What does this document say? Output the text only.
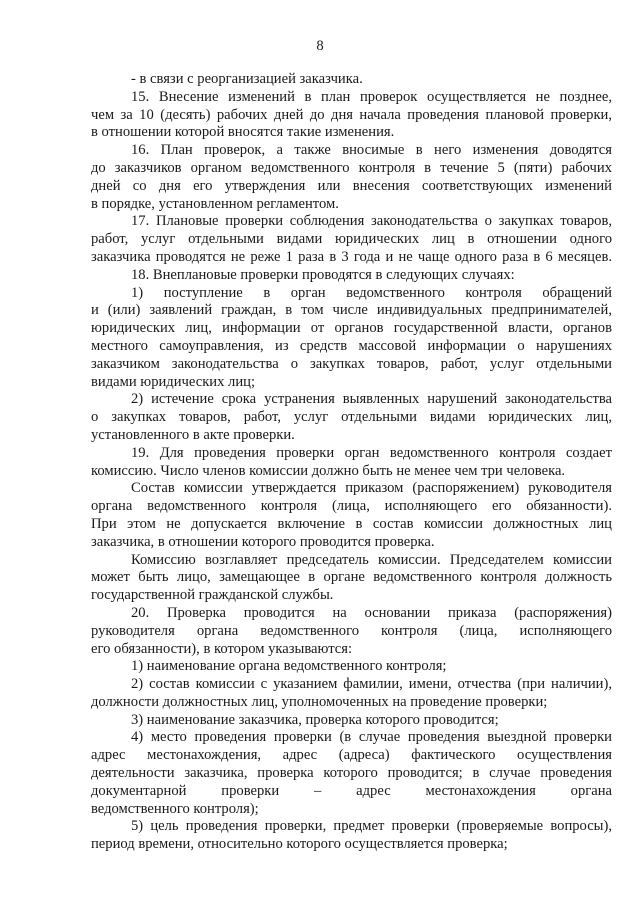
8
- в связи с реорганизацией заказчика.
15. Внесение изменений в план проверок осуществляется не позднее,
чем за 10 (десять) рабочих дней до дня начала проведения плановой проверки,
в отношении которой вносятся такие изменения.
16. План проверок, а также вносимые в него изменения доводятся
до заказчиков органом ведомственного контроля в течение 5 (пяти) рабочих
дней со дня его утверждения или внесения соответствующих изменений
в порядке, установленном регламентом.
17. Плановые проверки соблюдения законодательства о закупках товаров,
работ, услуг отдельными видами юридических лиц в отношении одного
заказчика проводятся не реже 1 раза в 3 года и не чаще одного раза в 6 месяцев.
18. Внеплановые проверки проводятся в следующих случаях:
1) поступление в орган ведомственного контроля обращений
и (или) заявлений граждан, в том числе индивидуальных предпринимателей,
юридических лиц, информации от органов государственной власти, органов
местного самоуправления, из средств массовой информации о нарушениях
заказчиком законодательства о закупках товаров, работ, услуг отдельными
видами юридических лиц;
2) истечение срока устранения выявленных нарушений законодательства
о закупках товаров, работ, услуг отдельными видами юридических лиц,
установленного в акте проверки.
19. Для проведения проверки орган ведомственного контроля создает
комиссию. Число членов комиссии должно быть не менее чем три человека.
Состав комиссии утверждается приказом (распоряжением) руководителя
органа ведомственного контроля (лица, исполняющего его обязанности).
При этом не допускается включение в состав комиссии должностных лиц
заказчика, в отношении которого проводится проверка.
Комиссию возглавляет председатель комиссии. Председателем комиссии
может быть лицо, замещающее в органе ведомственного контроля должность
государственной гражданской службы.
20. Проверка проводится на основании приказа (распоряжения)
руководителя органа ведомственного контроля (лица, исполняющего
его обязанности), в котором указываются:
1) наименование органа ведомственного контроля;
2) состав комиссии с указанием фамилии, имени, отчества (при наличии),
должности должностных лиц, уполномоченных на проведение проверки;
3) наименование заказчика, проверка которого проводится;
4) место проведения проверки (в случае проведения выездной проверки
адрес местонахождения, адрес (адреса) фактического осуществления
деятельности заказчика, проверка которого проводится; в случае проведения
документарной проверки – адрес местонахождения органа
ведомственного контроля);
5) цель проведения проверки, предмет проверки (проверяемые вопросы),
период времени, относительно которого осуществляется проверка;
